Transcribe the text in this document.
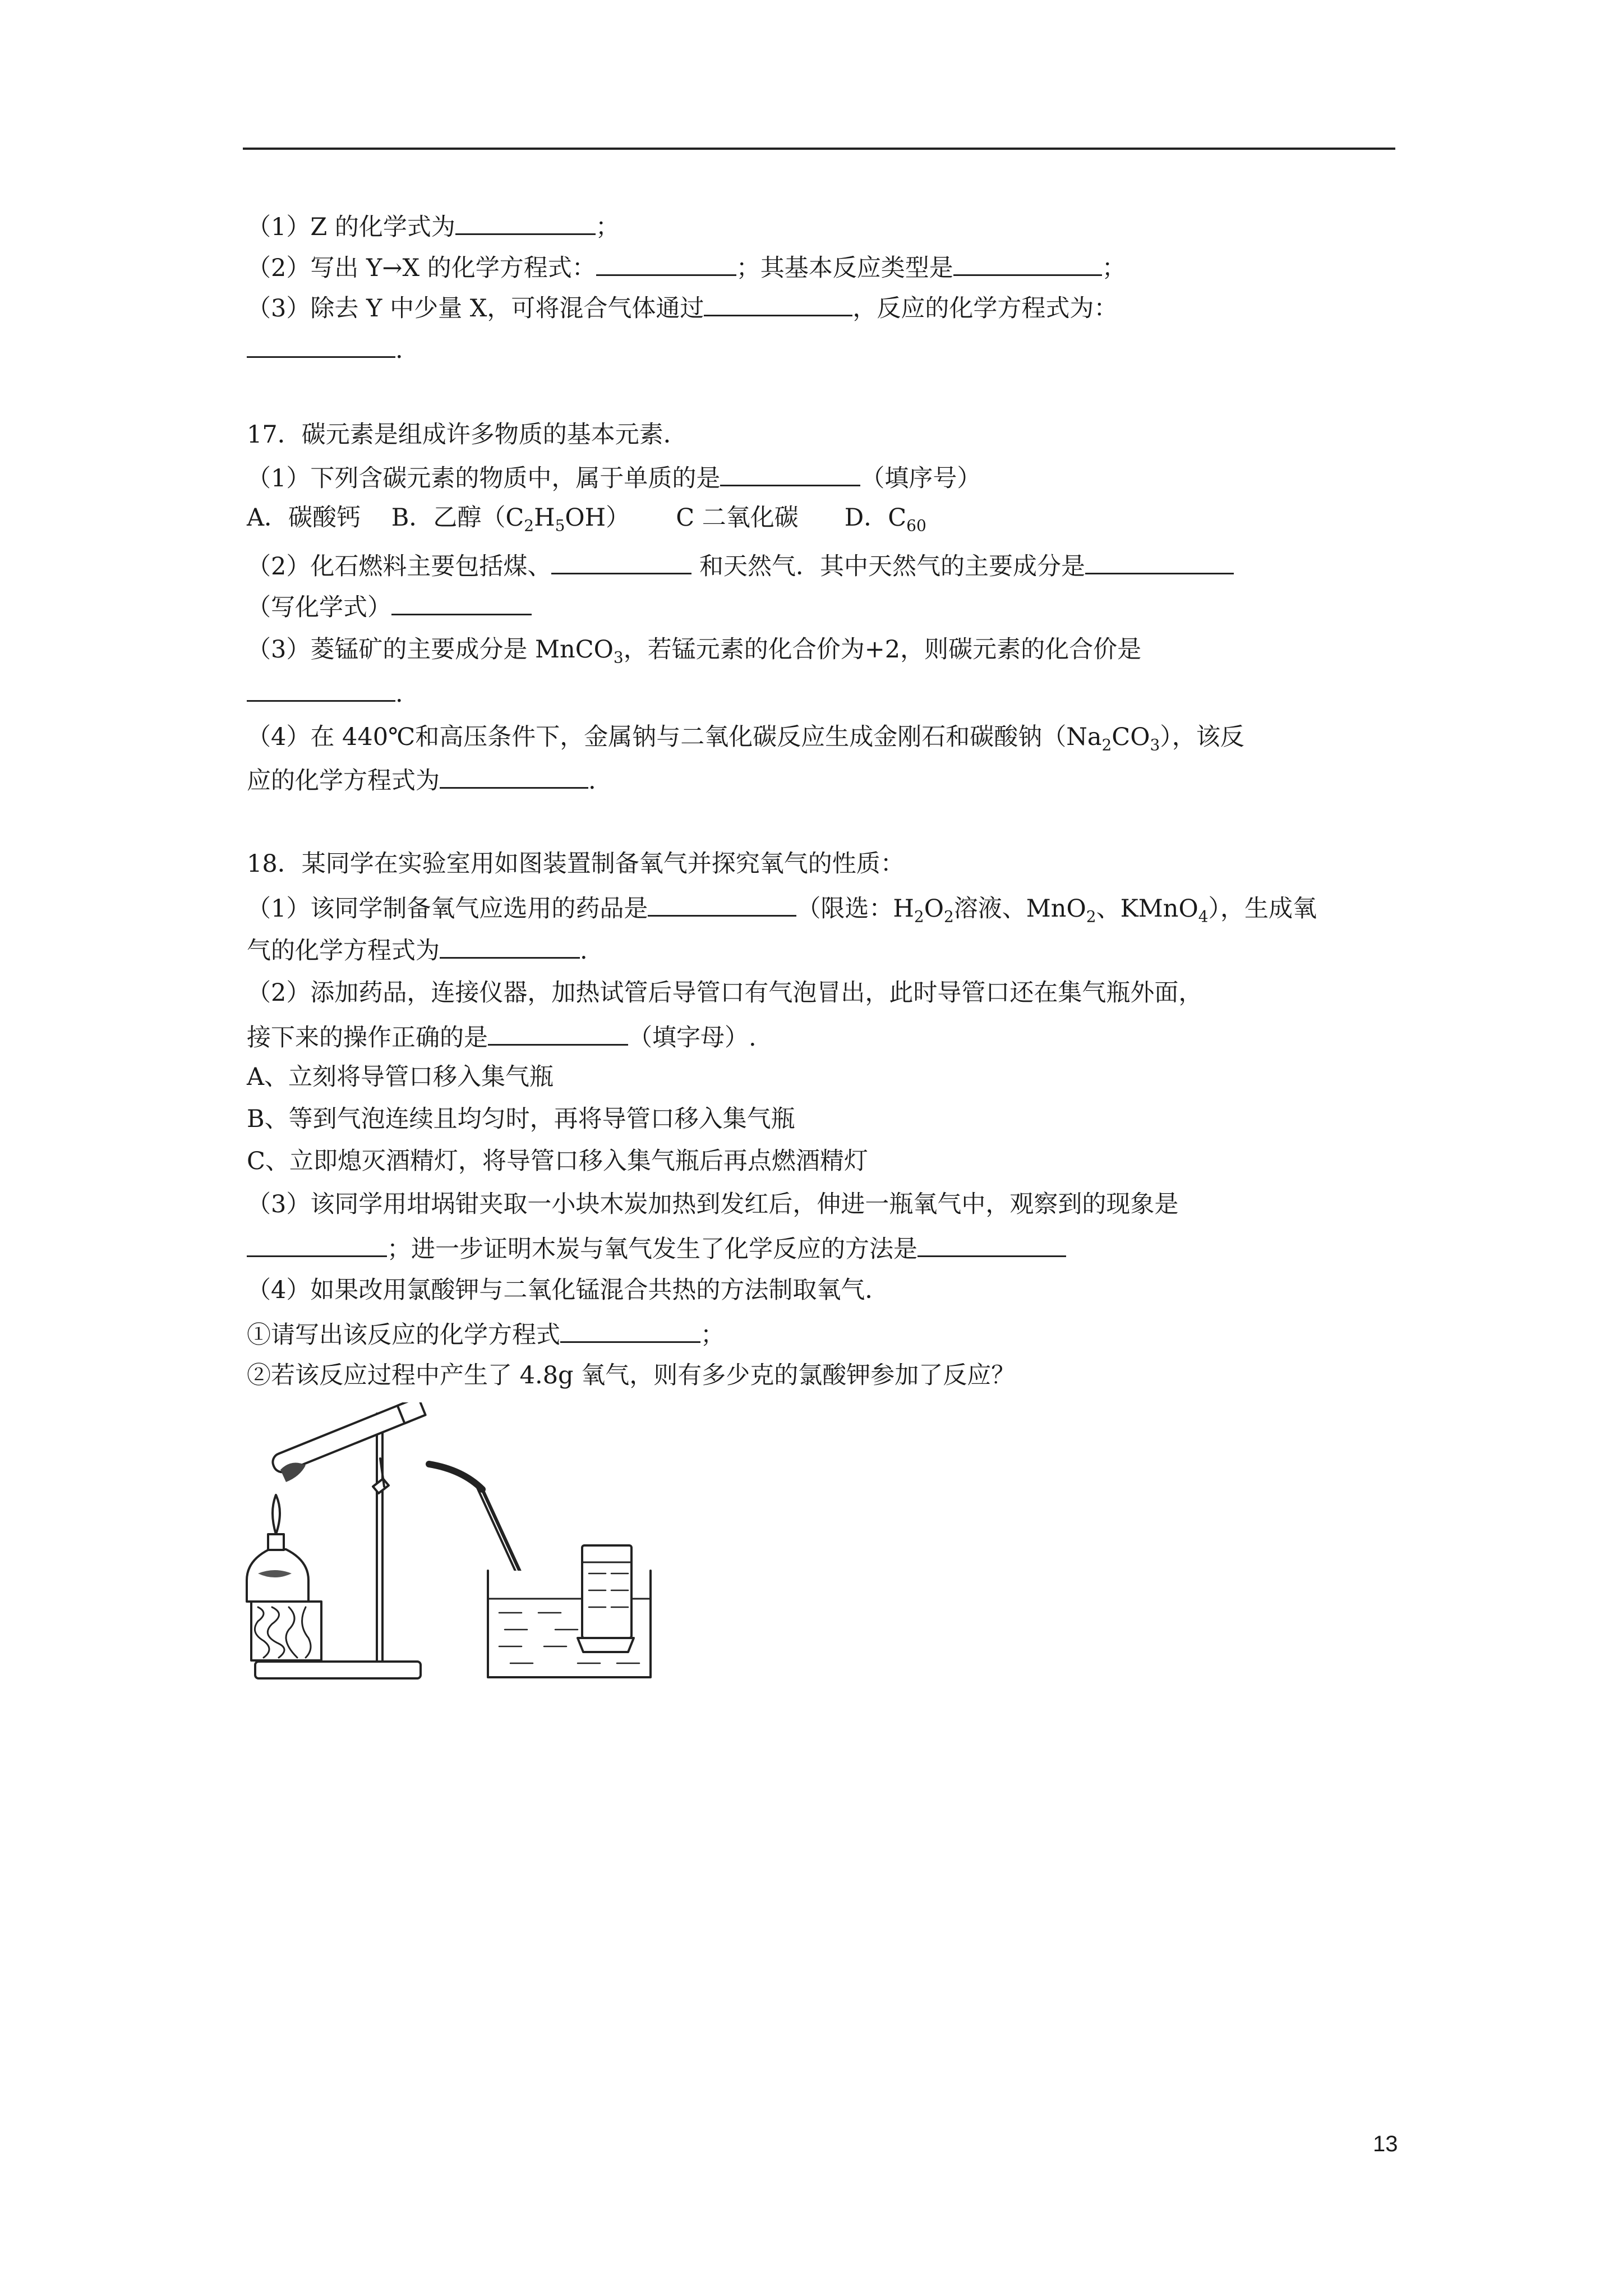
（1）Z 的化学式为	；
（2）写出 Y→X 的化学方程式：	；其基本反应类型是	；
（3）除去 Y 中少量 X，可将混合气体通过	，反应的化学方程式为：
.
17．碳元素是组成许多物质的基本元素．
（1）下列含碳元素的物质中，属于单质的是	（填序号）
A．碳酸钙 B．乙醇$(C_2H_5OH)$ C 二氧化碳 D．$C_{60}$
（2）化石燃料主要包括煤、	和天然气．其中天然气的主要成分是
（写化学式）
（3）菱锰矿的主要成分是 MnCO$_3$，若锰元素的化合价为+2，则碳元素的化合价是
.
（4）在 440℃和高压条件下，金属钠与二氧化碳反应生成金刚石和碳酸钠$(Na_2CO_3)$，该反
应的化学方程式为	.
18．某同学在实验室用如图装置制备氧气并探究氧气的性质：
（1）该同学制备氧气应选用的药品是	（限选：$H_2O_2$溶液、MnO$_2$、KMnO$_4$），生成氧
气的化学方程式为	.
（2）添加药品，连接仪器，加热试管后导管口有气泡冒出，此时导管口还在集气瓶外面，
接下来的操作正确的是	（填字母）.
A、立刻将导管口移入集气瓶
B、等到气泡连续且均匀时，再将导管口移入集气瓶
C、立即熄灭酒精灯，将导管口移入集气瓶后再点燃酒精灯
（3）该同学用坩埚钳夹取一小块木炭加热到发红后，伸进一瓶氧气中，观察到的现象是
；进一步证明木炭与氧气发生了化学反应的方法是
（4）如果改用氯酸钾与二氧化锰混合共热的方法制取氧气．
①请写出该反应的化学方程式	；
②若该反应过程中产生了 4.8g 氧气，则有多少克的氯酸钾参加了反应？
13
